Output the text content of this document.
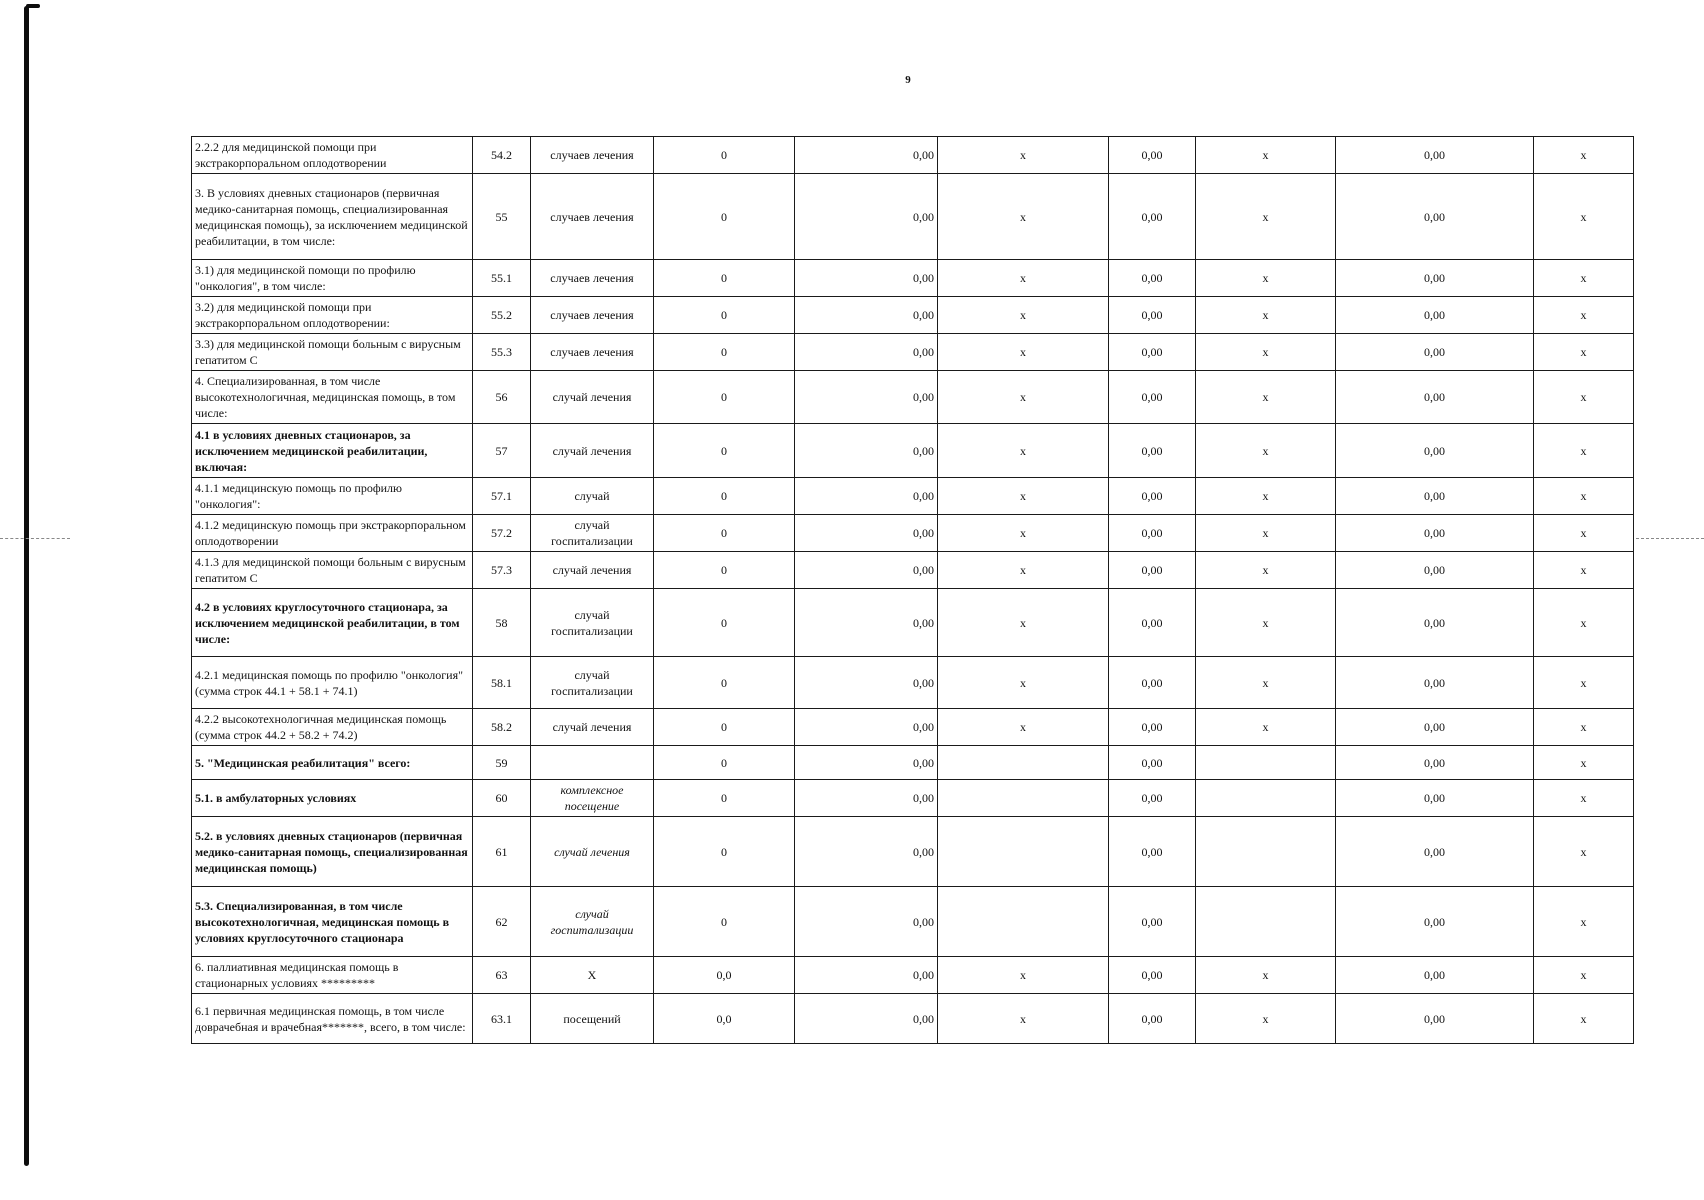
9
2.2.2 для медицинской помощи при экстракорпоральном оплодотворении	54.2	случаев лечения	0	0,00	х	0,00	х	0,00	х
3. В условиях дневных стационаров (первичная медико-санитарная помощь, специализированная медицинская помощь), за исключением медицинской реабилитации, в том числе:	55	случаев лечения	0	0,00	х	0,00	х	0,00	х
3.1) для медицинской помощи по профилю "онкология", в том числе:	55.1	случаев лечения	0	0,00	х	0,00	х	0,00	х
3.2) для медицинской помощи при экстракорпоральном оплодотворении:	55.2	случаев лечения	0	0,00	х	0,00	х	0,00	х
3.3) для медицинской помощи больным с вирусным гепатитом С	55.3	случаев лечения	0	0,00	х	0,00	х	0,00	х
4. Специализированная, в том числе высокотехнологичная, медицинская помощь, в том числе:	56	случай лечения	0	0,00	х	0,00	х	0,00	х
4.1 в условиях дневных стационаров, за исключением медицинской реабилитации, включая:	57	случай лечения	0	0,00	х	0,00	х	0,00	х
4.1.1 медицинскую помощь по профилю "онкология":	57.1	случай	0	0,00	х	0,00	х	0,00	х
4.1.2 медицинскую помощь при экстракорпоральном оплодотворении	57.2	случай госпитализации	0	0,00	х	0,00	х	0,00	х
4.1.3 для медицинской помощи больным с вирусным гепатитом С	57.3	случай лечения	0	0,00	х	0,00	х	0,00	х
4.2 в условиях круглосуточного стационара, за исключением медицинской реабилитации, в том числе:	58	случай госпитализации	0	0,00	х	0,00	х	0,00	х
4.2.1 медицинская помощь по профилю "онкология" (сумма строк 44.1 + 58.1 + 74.1)	58.1	случай госпитализации	0	0,00	х	0,00	х	0,00	х
4.2.2 высокотехнологичная медицинская помощь (сумма строк 44.2 + 58.2 + 74.2)	58.2	случай лечения	0	0,00	х	0,00	х	0,00	х
5. "Медицинская реабилитация" всего:	59		0	0,00		0,00		0,00	х
5.1. в амбулаторных условиях	60	комплексное посещение	0	0,00		0,00		0,00	х
5.2. в условиях дневных стационаров (первичная медико-санитарная помощь, специализированная медицинская помощь)	61	случай лечения	0	0,00		0,00		0,00	х
5.3. Специализированная, в том числе высокотехнологичная, медицинская помощь в условиях круглосуточного стационара	62	случай госпитализации	0	0,00		0,00		0,00	х
6. паллиативная медицинская помощь в стационарных условиях *********	63	Х	0,0	0,00	х	0,00	х	0,00	х
6.1 первичная медицинская помощь, в том числе доврачебная и врачебная*******, всего, в том числе:	63.1	посещений	0,0	0,00	х	0,00	х	0,00	х
